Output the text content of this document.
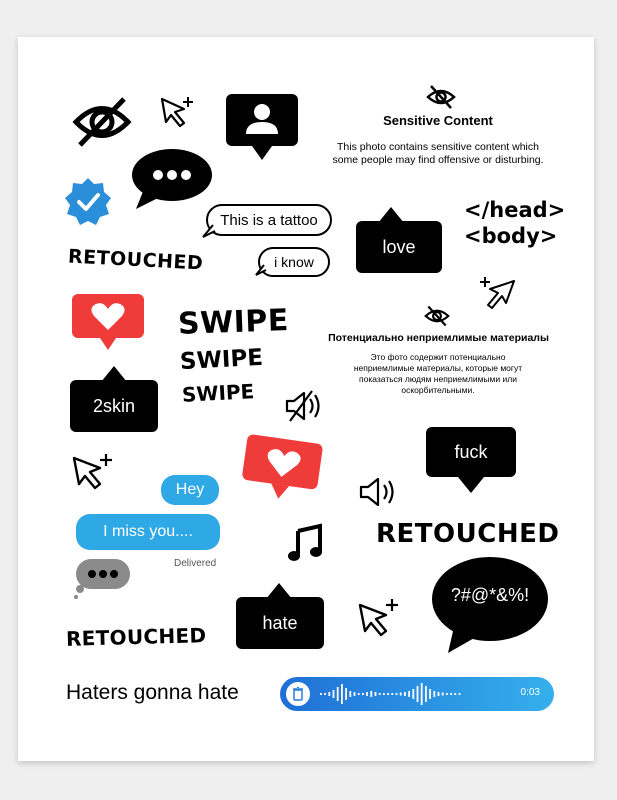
Sensitive Content
This photo contains sensitive content which
some people may find offensive or disturbing.
This is a tattoo	</head>
<body>
love
i know
RETOUCHED
SWIPE
SWIPE
SWIPE
Потенциально неприемлимые материалы
Это фото содержит потенциально
неприемлимые материалы, которые могут
показаться людям неприемлимыми или
оскорбительными.
2skin
fuck
Hey
I miss you....
Delivered
RETOUCHED
?#@*&%!
hate
RETOUCHED
Haters gonna hate	0:03
